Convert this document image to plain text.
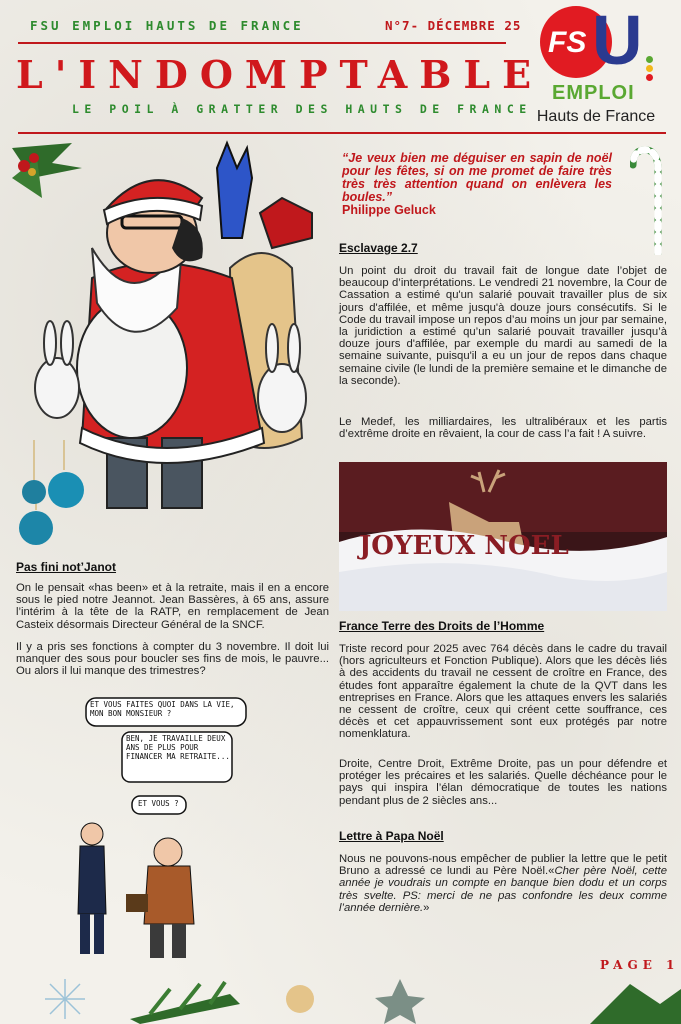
FSU EMPLOI HAUTS DE FRANCE	N°7- DÉCEMBRE 25
L'INDOMPTABLE
LE POIL À GRATTER DES HAUTS DE FRANCE
FS U
EMPLOI
Hauts de France
“Je veux bien me déguiser en sapin de noël pour les fêtes, si on me promet de faire très très très attention quand on enlèvera les boules.”
Philippe Geluck
Esclavage 2.7
Un point du droit du travail fait de longue date l’objet de beaucoup d’interprétations. Le vendredi 21 novembre, la Cour de Cassation a estimé qu'un salarié pouvait travailler plus de six jours d'affilée, et même jusqu'à douze jours consécutifs. Si le Code du travail impose un repos d’au moins un jour par semaine, la juridiction a estimé qu’un salarié pouvait travailler jusqu’à douze jours d'affilée, par exemple du mardi au samedi de la semaine suivante, puisqu'il a eu un jour de repos dans chaque semaine civile (le lundi de la première semaine et le dimanche de la seconde).
Le Medef, les milliardaires, les ultralibéraux et les partis d’extrême droite en rêvaient, la cour de cass l’a fait ! A suivre.
JOYEUX NOEL
Pas fini not’Janot
On le pensait «has been» et à la retraite, mais il en a encore sous le pied notre Jeannot. Jean Bassères, à 65 ans, assure l’intérim à la tête de la RATP, en remplacement de Jean Casteix désormais Directeur Général de la SNCF.
Il y a pris ses fonctions à compter du 3 novembre. Il doit lui manquer des sous pour boucler ses fins de mois, le pauvre... Ou alors il lui manque des trimestres?
ET VOUS FAITES QUOI DANS LA VIE, MON BON MONSIEUR ?
BEN, JE TRAVAILLE DEUX ANS DE PLUS POUR FINANCER MA RETRAITE...
ET VOUS ?
France Terre des Droits de l’Homme
Triste record pour 2025 avec 764 décès dans le cadre du travail (hors agriculteurs et Fonction Publique). Alors que les décès liés à des accidents du travail ne cessent de croître en France, des études font apparaître également la chute de la QVT dans les entreprises en France. Alors que les attaques envers les salariés ne cessent de croître, ceux qui créent cette souffrance, ces décès et cet appauvrissement sont eux protégés par notre nomenklatura.
Droite, Centre Droit, Extrême Droite, pas un pour défendre et protéger les précaires et les salariés. Quelle déchéance pour le pays qui inspira l’élan démocratique de toutes les nations pendant plus de 2 siècles ans...
Lettre à Papa Noël
Nous ne pouvons-nous empêcher de publier la lettre que le petit Bruno a adressé ce lundi au Père Noël.«Cher père Noël, cette année je voudrais un compte en banque bien dodu et un corps très svelte. PS: merci de ne pas confondre les deux comme l’année dernière.»
PAGE 1
